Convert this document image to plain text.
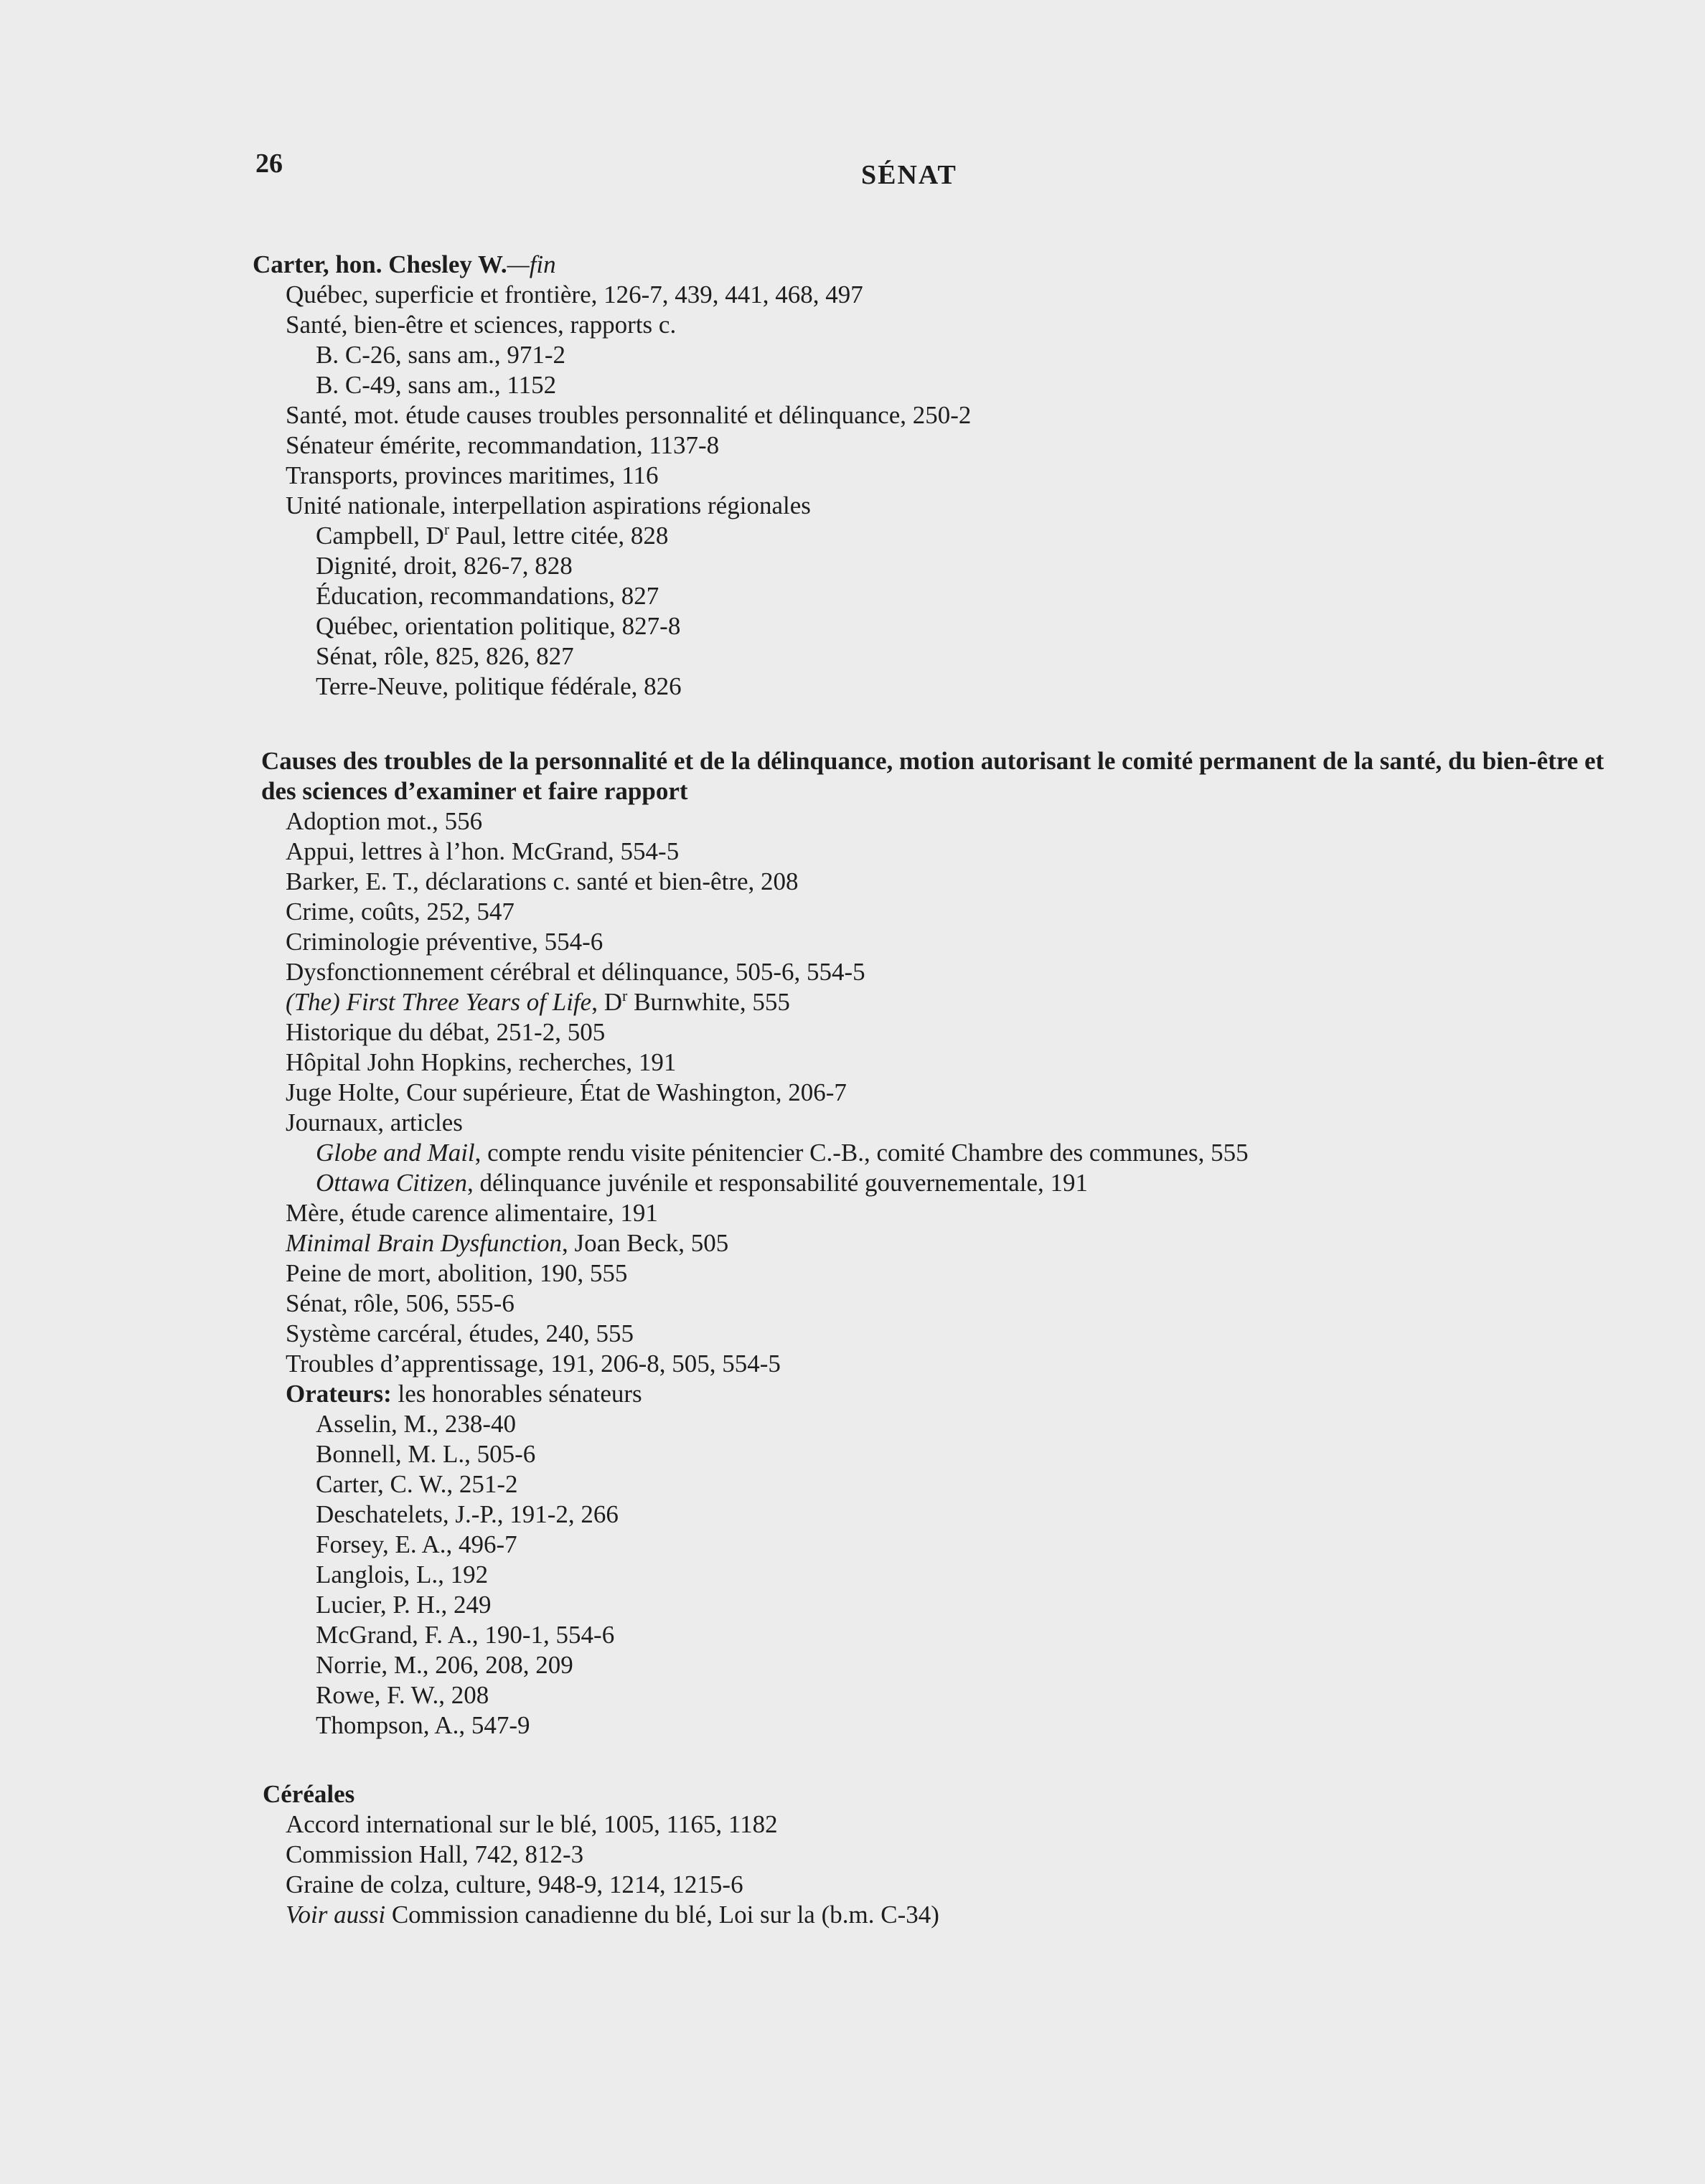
26	SÉNAT
Carter, hon. Chesley W.—fin
Québec, superficie et frontière, 126-7, 439, 441, 468, 497
Santé, bien-être et sciences, rapports c.
B. C-26, sans am., 971-2
B. C-49, sans am., 1152
Santé, mot. étude causes troubles personnalité et délinquance, 250-2
Sénateur émérite, recommandation, 1137-8
Transports, provinces maritimes, 116
Unité nationale, interpellation aspirations régionales
Campbell, $D^r$ Paul, lettre citée, 828
Dignité, droit, 826-7, 828
Éducation, recommandations, 827
Québec, orientation politique, 827-8
Sénat, rôle, 825, 826, 827
Terre-Neuve, politique fédérale, 826
Causes des troubles de la personnalité et de la délinquance, motion autorisant le comité permanent de la santé, du bien-être et des sciences d’examiner et faire rapport
Adoption mot., 556
Appui, lettres à l’hon. McGrand, 554-5
Barker, E. T., déclarations c. santé et bien-être, 208
Crime, coûts, 252, 547
Criminologie préventive, 554-6
Dysfonctionnement cérébral et délinquance, 505-6, 554-5
(The) First Three Years of Life, $D^r$ Burnwhite, 555
Historique du débat, 251-2, 505
Hôpital John Hopkins, recherches, 191
Juge Holte, Cour supérieure, État de Washington, 206-7
Journaux, articles
Globe and Mail, compte rendu visite pénitencier C.-B., comité Chambre des communes, 555
Ottawa Citizen, délinquance juvénile et responsabilité gouvernementale, 191
Mère, étude carence alimentaire, 191
Minimal Brain Dysfunction, Joan Beck, 505
Peine de mort, abolition, 190, 555
Sénat, rôle, 506, 555-6
Système carcéral, études, 240, 555
Troubles d’apprentissage, 191, 206-8, 505, 554-5
Orateurs: les honorables sénateurs
Asselin, M., 238-40
Bonnell, M. L., 505-6
Carter, C. W., 251-2
Deschatelets, J.-P., 191-2, 266
Forsey, E. A., 496-7
Langlois, L., 192
Lucier, P. H., 249
McGrand, F. A., 190-1, 554-6
Norrie, M., 206, 208, 209
Rowe, F. W., 208
Thompson, A., 547-9
Céréales
Accord international sur le blé, 1005, 1165, 1182
Commission Hall, 742, 812-3
Graine de colza, culture, 948-9, 1214, 1215-6
Voir aussi Commission canadienne du blé, Loi sur la (b.m. C-34)
